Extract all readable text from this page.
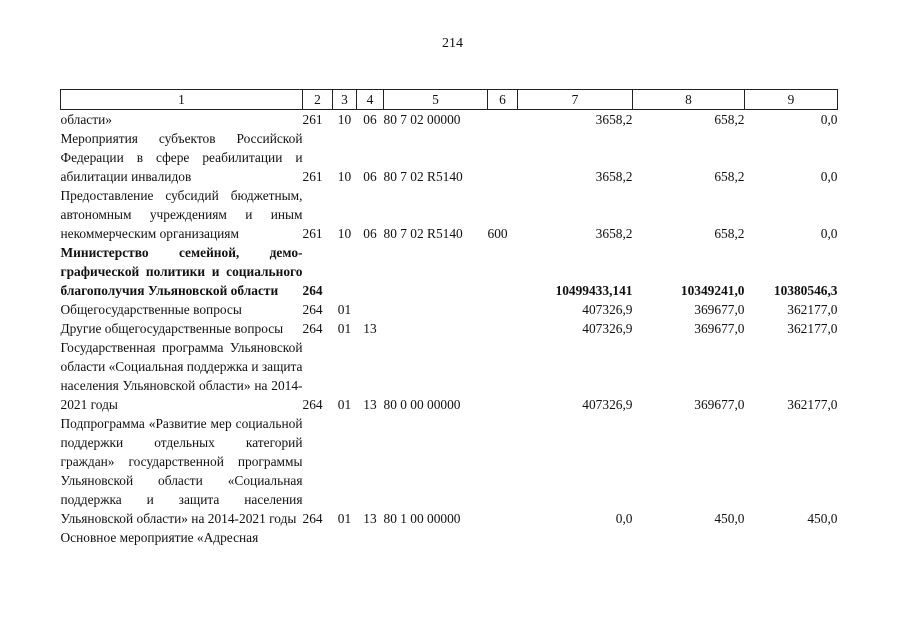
214
1	2	3	4	5	6	7	8	9
области»	261	10	06	80 7 02 00000		3658,2	658,2	0,0
Мероприятия субъектов Российской Федерации в сфере реабилитации и абилитации инвалидов	261	10	06	80 7 02 R5140		3658,2	658,2	0,0
Предоставление субсидий бюджетным, автономным учреждениям и иным некоммерческим организациям	261	10	06	80 7 02 R5140	600	3658,2	658,2	0,0
Министерство семейной, демографической политики и социального благополучия Ульяновской области	264					10499433,141	10349241,0	10380546,3
Общегосударственные вопросы	264	01				407326,9	369677,0	362177,0
Другие общегосударственные вопросы	264	01	13			407326,9	369677,0	362177,0
Государственная программа Ульяновской области «Социальная поддержка и защита населения Ульяновской области» на 2014-2021 годы	264	01	13	80 0 00 00000		407326,9	369677,0	362177,0
Подпрограмма «Развитие мер социальной поддержки отдельных категорий граждан» государственной программы Ульяновской области «Социальная поддержка и защита населения Ульяновской области» на 2014-2021 годы	264	01	13	80 1 00 00000		0,0	450,0	450,0
Основное мероприятие «Адресная								
